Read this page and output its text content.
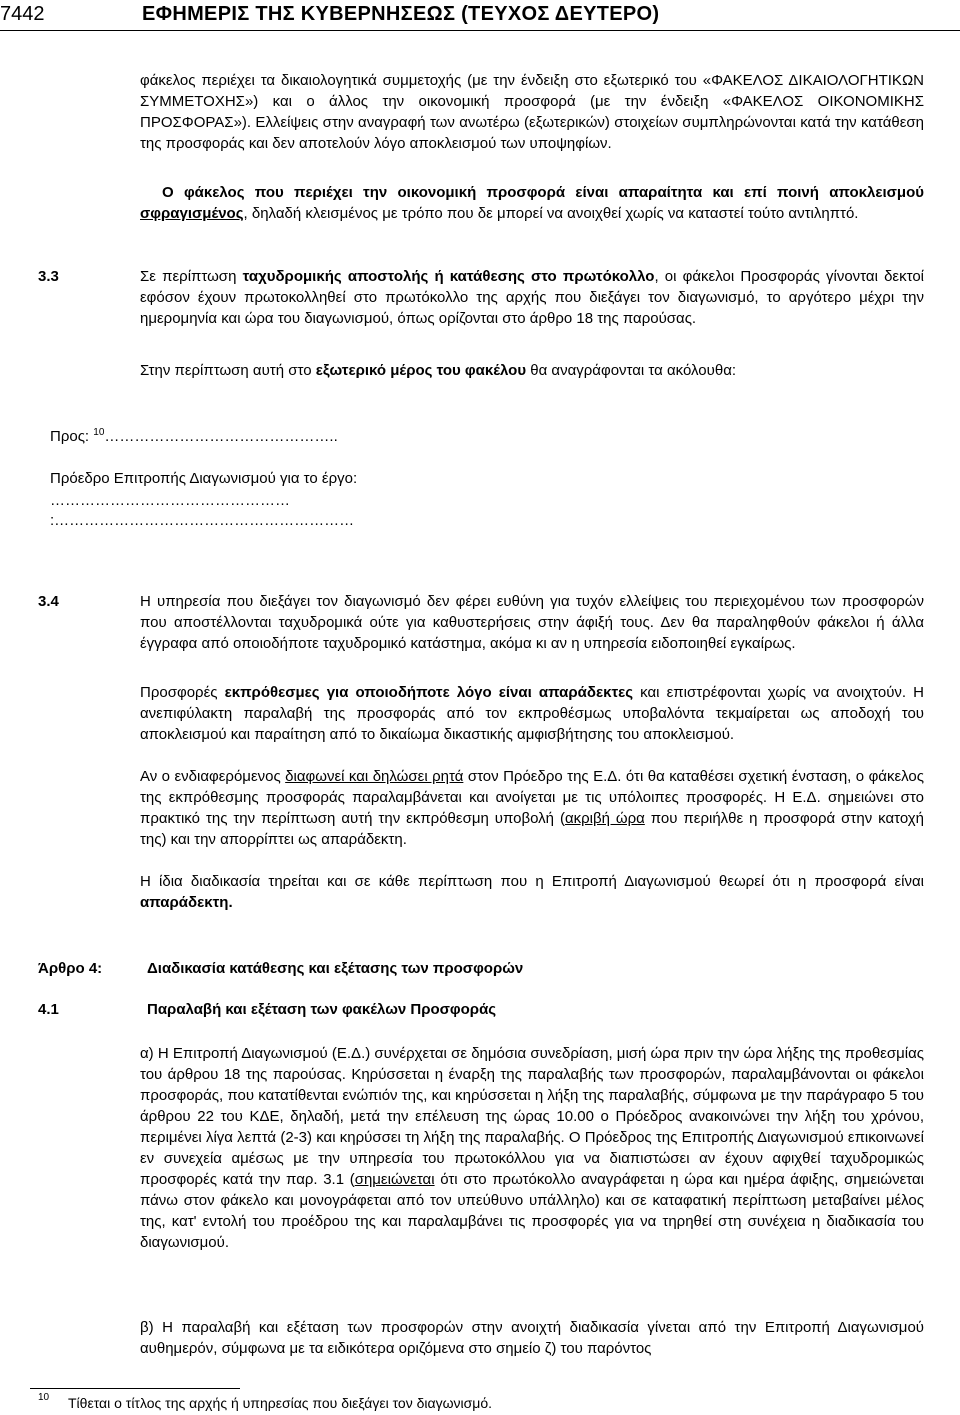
7442	ΕΦΗΜΕΡΙΣ ΤΗΣ ΚΥΒΕΡΝΗΣΕΩΣ (ΤΕΥΧΟΣ ΔΕΥΤΕΡΟ)
φάκελος περιέχει τα δικαιολογητικά συμμετοχής (με την ένδειξη στο εξωτερικό του «ΦΑΚΕΛΟΣ ΔΙΚΑΙΟΛΟΓΗΤΙΚΩΝ ΣΥΜΜΕΤΟΧΗΣ») και ο άλλος την οικονομική προσφορά (με την ένδειξη «ΦΑΚΕΛΟΣ ΟΙΚΟΝΟΜΙΚΗΣ ΠΡΟΣΦΟΡΑΣ»). Ελλείψεις στην αναγραφή των ανωτέρω (εξωτερικών) στοιχείων συμπληρώνονται κατά την κατάθεση της προσφοράς και δεν αποτελούν λόγο αποκλεισμού των υποψηφίων.
Ο φάκελος που περιέχει την οικονομική προσφορά είναι απαραίτητα και επί ποινή αποκλεισμού σφραγισμένος, δηλαδή κλεισμένος με τρόπο που δε μπορεί να ανοιχθεί χωρίς να καταστεί τούτο αντιληπτό.
3.3	Σε περίπτωση ταχυδρομικής αποστολής ή κατάθεσης στο πρωτόκολλο, οι φάκελοι Προσφοράς γίνονται δεκτοί εφόσον έχουν πρωτοκολληθεί στο πρωτόκολλο της αρχής που διεξάγει τον διαγωνισμό, το αργότερο μέχρι την ημερομηνία και ώρα του διαγωνισμού, όπως ορίζονται στο άρθρο 18 της παρούσας.
Στην περίπτωση αυτή στο εξωτερικό μέρος του φακέλου θα αναγράφονται τα ακόλουθα:
Προς: $^{10}$………………………………………..
Πρόεδρο Επιτροπής Διαγωνισμού για το έργο:
…………………………………………
:……………………………………………………
3.4	Η υπηρεσία που διεξάγει τον διαγωνισμό δεν φέρει ευθύνη για τυχόν ελλείψεις του περιεχομένου των προσφορών που αποστέλλονται ταχυδρομικά ούτε για καθυστερήσεις στην άφιξή τους. Δεν θα παραληφθούν φάκελοι ή άλλα έγγραφα από οποιοδήποτε ταχυδρομικό κατάστημα, ακόμα κι αν η υπηρεσία ειδοποιηθεί εγκαίρως.
Προσφορές εκπρόθεσμες για οποιοδήποτε λόγο είναι απαράδεκτες και επιστρέφονται χωρίς να ανοιχτούν. Η ανεπιφύλακτη παραλαβή της προσφοράς από τον εκπροθέσμως υποβαλόντα τεκμαίρεται ως αποδοχή του αποκλεισμού και παραίτηση από το δικαίωμα δικαστικής αμφισβήτησης του αποκλεισμού.
Αν ο ενδιαφερόμενος διαφωνεί και δηλώσει ρητά στον Πρόεδρο της Ε.Δ. ότι θα καταθέσει σχετική ένσταση, ο φάκελος της εκπρόθεσμης προσφοράς παραλαμβάνεται και ανοίγεται με τις υπόλοιπες προσφορές. Η Ε.Δ. σημειώνει στο πρακτικό της την περίπτωση αυτή την εκπρόθεσμη υποβολή (ακριβή ώρα που περιήλθε η προσφορά στην κατοχή της) και την απορρίπτει ως απαράδεκτη.
Η ίδια διαδικασία τηρείται και σε κάθε περίπτωση που η Επιτροπή Διαγωνισμού θεωρεί ότι η προσφορά είναι απαράδεκτη.
Άρθρο 4:	Διαδικασία κατάθεσης και εξέτασης των προσφορών
4.1	Παραλαβή και εξέταση των φακέλων Προσφοράς
α) Η Επιτροπή Διαγωνισμού (Ε.Δ.) συνέρχεται σε δημόσια συνεδρίαση, μισή ώρα πριν την ώρα λήξης της προθεσμίας του άρθρου 18 της παρούσας. Κηρύσσεται η έναρξη της παραλαβής των προσφορών, παραλαμβάνονται οι φάκελοι προσφοράς, που κατατίθενται ενώπιόν της, και κηρύσσεται η λήξη της παραλαβής, σύμφωνα με την παράγραφο 5 του άρθρου 22 του ΚΔΕ, δηλαδή, μετά την επέλευση της ώρας 10.00 ο Πρόεδρος ανακοινώνει την λήξη του χρόνου, περιμένει λίγα λεπτά (2-3) και κηρύσσει τη λήξη της παραλαβής. Ο Πρόεδρος της Επιτροπής Διαγωνισμού επικοινωνεί εν συνεχεία αμέσως με την υπηρεσία του πρωτοκόλλου για να διαπιστώσει αν έχουν αφιχθεί ταχυδρομικώς προσφορές κατά την παρ. 3.1 (σημειώνεται ότι στο πρωτόκολλο αναγράφεται η ώρα και ημέρα άφιξης, σημειώνεται πάνω στον φάκελο και μονογράφεται από τον υπεύθυνο υπάλληλο) και σε καταφατική περίπτωση μεταβαίνει μέλος της, κατ' εντολή του προέδρου της και παραλαμβάνει τις προσφορές για να τηρηθεί στη συνέχεια η διαδικασία του διαγωνισμού.
β) Η παραλαβή και εξέταση των προσφορών στην ανοιχτή διαδικασία γίνεται από την Επιτροπή Διαγωνισμού αυθημερόν, σύμφωνα με τα ειδικότερα οριζόμενα στο σημείο ζ) του παρόντος
10 Τίθεται ο τίτλος της αρχής ή υπηρεσίας που διεξάγει τον διαγωνισμό.
